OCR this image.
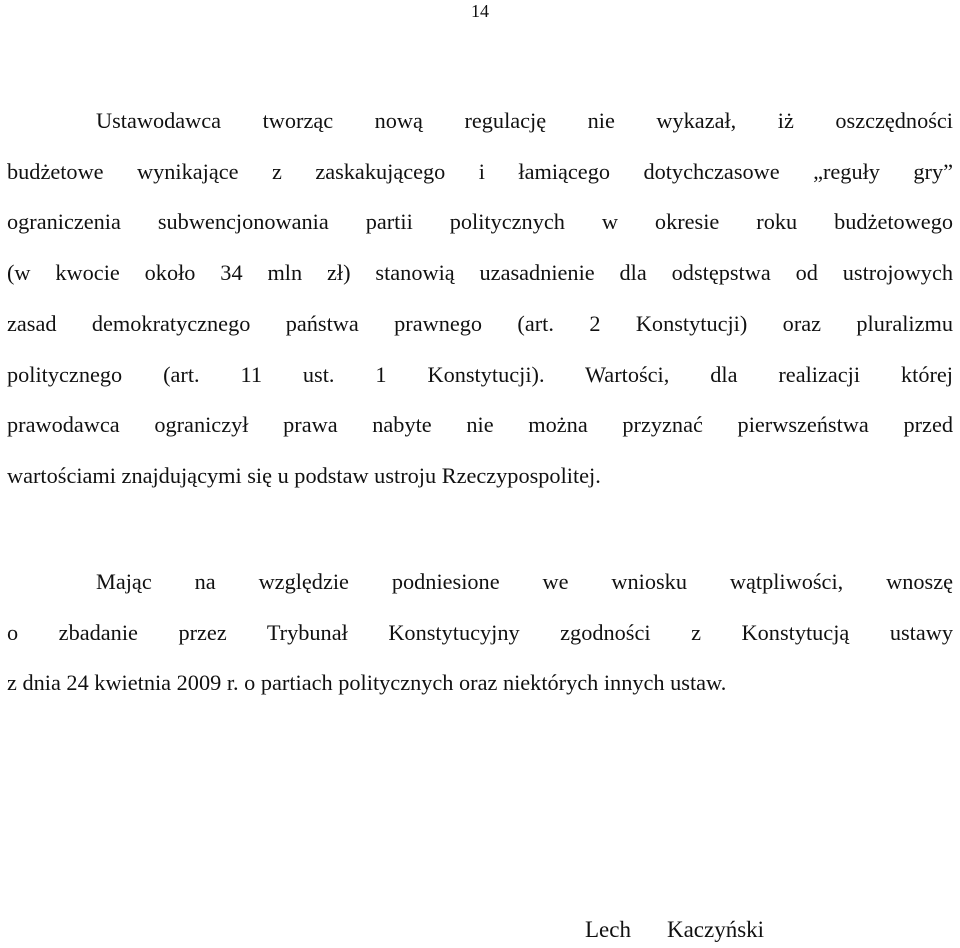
14
Ustawodawca tworząc nową regulację nie wykazał, iż oszczędności
budżetowe wynikające z zaskakującego i łamiącego dotychczasowe „reguły gry”
ograniczenia subwencjonowania partii politycznych w okresie roku budżetowego
(w kwocie około 34 mln zł) stanowią uzasadnienie dla odstępstwa od ustrojowych
zasad demokratycznego państwa prawnego (art. 2 Konstytucji) oraz pluralizmu
politycznego (art. 11 ust. 1 Konstytucji). Wartości, dla realizacji której
prawodawca ograniczył prawa nabyte nie można przyznać pierwszeństwa przed
wartościami znajdującymi się u podstaw ustroju Rzeczypospolitej.
Mając na względzie podniesione we wniosku wątpliwości, wnoszę
o zbadanie przez Trybunał Konstytucyjny zgodności z Konstytucją ustawy
z dnia 24 kwietnia 2009 r. o partiach politycznych oraz niektórych innych ustaw.
Lech Kaczyński
